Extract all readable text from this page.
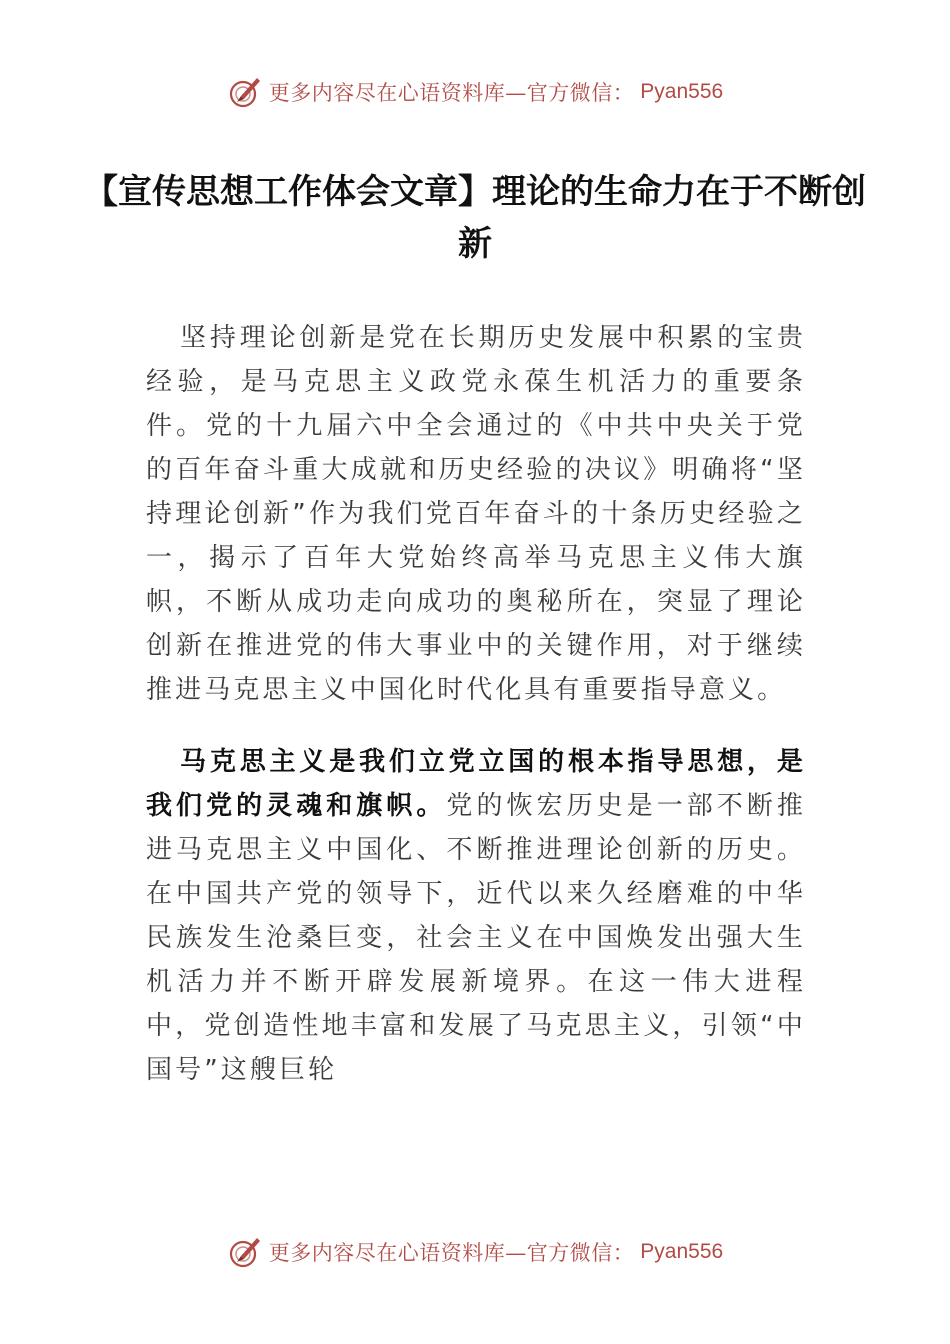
更多内容尽在心语资料库—官方微信： Pyan556
【宣传思想工作体会文章】理论的生命力在于不断创新

坚持理论创新是党在长期历史发展中积累的宝贵经验，是马克思主义政党永葆生机活力的重要条件。党的十九届六中全会通过的《中共中央关于党的百年奋斗重大成就和历史经验的决议》明确将“坚持理论创新”作为我们党百年奋斗的十条历史经验之一，揭示了百年大党始终高举马克思主义伟大旗帜，不断从成功走向成功的奥秘所在，突显了理论创新在推进党的伟大事业中的关键作用，对于继续推进马克思主义中国化时代化具有重要指导意义。

马克思主义是我们立党立国的根本指导思想，是我们党的灵魂和旗帜。党的恢宏历史是一部不断推进马克思主义中国化、不断推进理论创新的历史。在中国共产党的领导下，近代以来久经磨难的中华民族发生沧桑巨变，社会主义在中国焕发出强大生机活力并不断开辟发展新境界。在这一伟大进程中，党创造性地丰富和发展了马克思主义，引领“中国号”这艘巨轮

更多内容尽在心语资料库—官方微信： Pyan556
